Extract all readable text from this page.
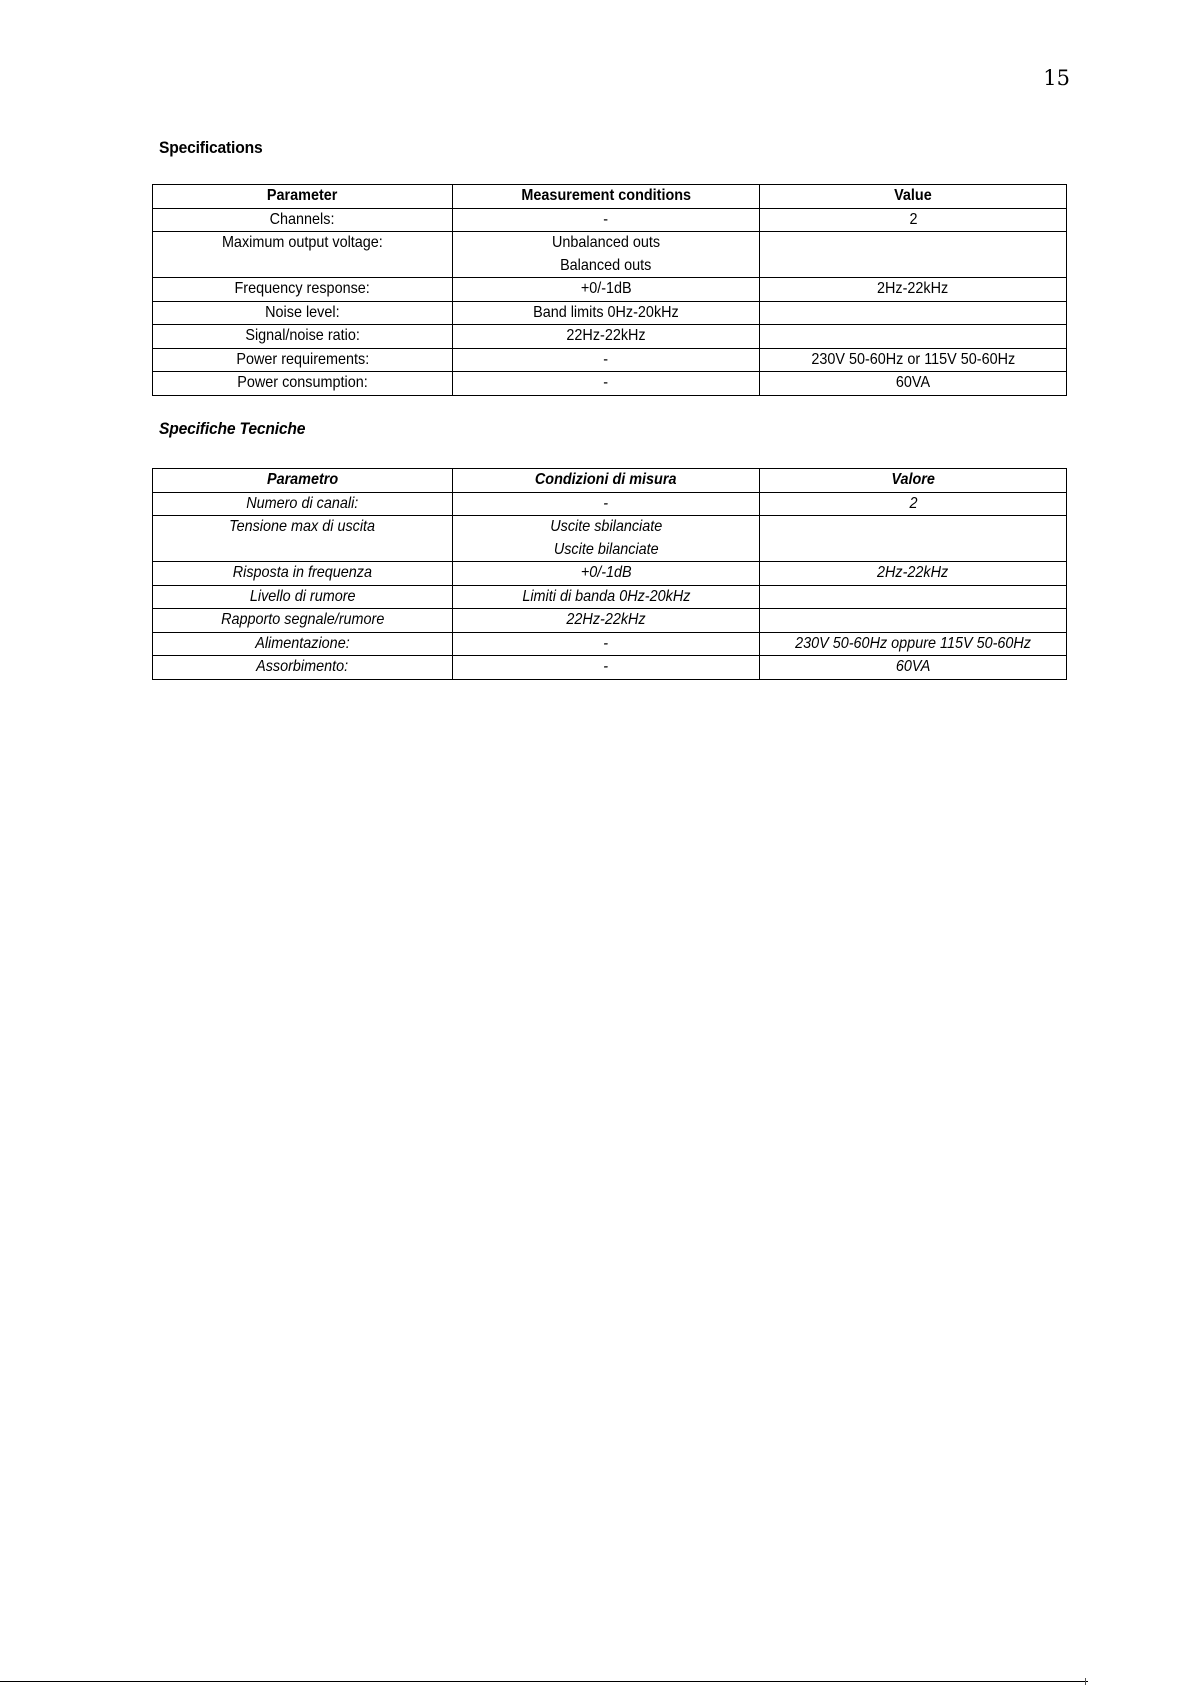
15
Specifications
Parameter	Measurement conditions	Value
Channels:	-	2
Maximum output voltage:	Unbalanced outs
Balanced outs	

Frequency response:	+0/-1dB	2Hz-22kHz
Noise level:	Band limits 0Hz-20kHz	

Signal/noise ratio:	22Hz-22kHz	

Power requirements:	-	230V 50-60Hz or 115V 50-60Hz
Power consumption:	-	60VA
Specifiche Tecniche
Parametro	Condizioni di misura	Valore
Numero di canali:	-	2
Tensione max di uscita	Uscite sbilanciate
Uscite bilanciate	

Risposta in frequenza	+0/-1dB	2Hz-22kHz
Livello di rumore	Limiti di banda 0Hz-20kHz	

Rapporto segnale/rumore	22Hz-22kHz	

Alimentazione:	-	230V 50-60Hz oppure 115V 50-60Hz
Assorbimento:	-	60VA
